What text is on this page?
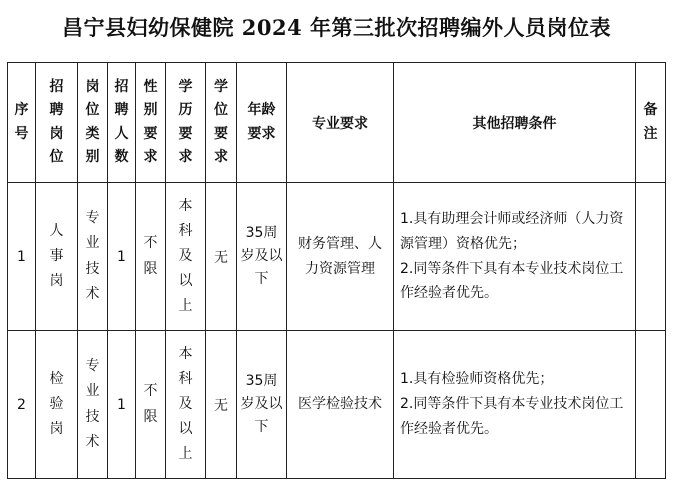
昌宁县妇幼保健院 2024 年第三批次招聘编外人员岗位表
序号	招聘岗位	岗位类别	招聘人数	性别要求	学历要求	学位要求	年龄要求	专业要求	其他招聘条件	备注
1	人事岗	专业技术	1	不限	本科及以上	无	35周岁及以下	财务管理、人力资源管理	1.具有助理会计师或经济师（人力资源管理）资格优先；
2.同等条件下具有本专业技术岗位工作经验者优先。	

2	检验岗	专业技术	1	不限	本科及以上	无	35周岁及以下	医学检验技术	1.具有检验师资格优先；
2.同等条件下具有本专业技术岗位工作经验者优先。	
